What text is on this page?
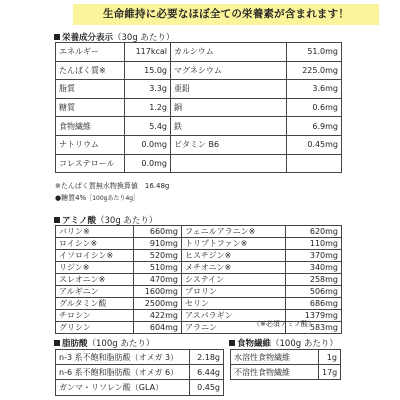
生命維持に必要なほぼ全ての栄養素が含まれます！
栄養成分表示（30g あたり）
エネルギー	117kcal	カルシウム	51.0mg
たんぱく質※	15.0g	マグネシウム	225.0mg
脂質	3.3g	亜鉛	3.6mg
糖質	1.2g	銅	0.6mg
食物繊維	5.4g	鉄	6.9mg
ナトリウム	0.0mg	ビタミン B6	0.45mg
コレステロール	0.0mg		
※たんぱく質無水物換算値　16.48g
●糖質4%［100gあたり4g］
アミノ酸（30g あたり）
バリン※	660mg	フェニルアラニン※	620mg
ロイシン※	910mg	トリプトファン※	110mg
イソロイシン※	520mg	ヒスチジン※	370mg
リジン※	510mg	メチオニン※	340mg
スレオニン※	470mg	システイン	258mg
アルギニン	1600mg	プロリン	506mg
グルタミン酸	2500mg	セリン	686mg
チロシン	422mg	アスパラギン	1379mg
グリシン	604mg	アラニン	583mg
（※必須アミノ酸）
脂肪酸（100g あたり）
n-3 系不飽和脂肪酸（オメガ 3）	2.18g
n-6 系不飽和脂肪酸（オメガ 6）	6.44g
ガンマ・リソレン酸（GLA）	0.45g
食物繊維（100g あたり）
水溶性食物繊維	1g
不溶性食物繊維	17g
